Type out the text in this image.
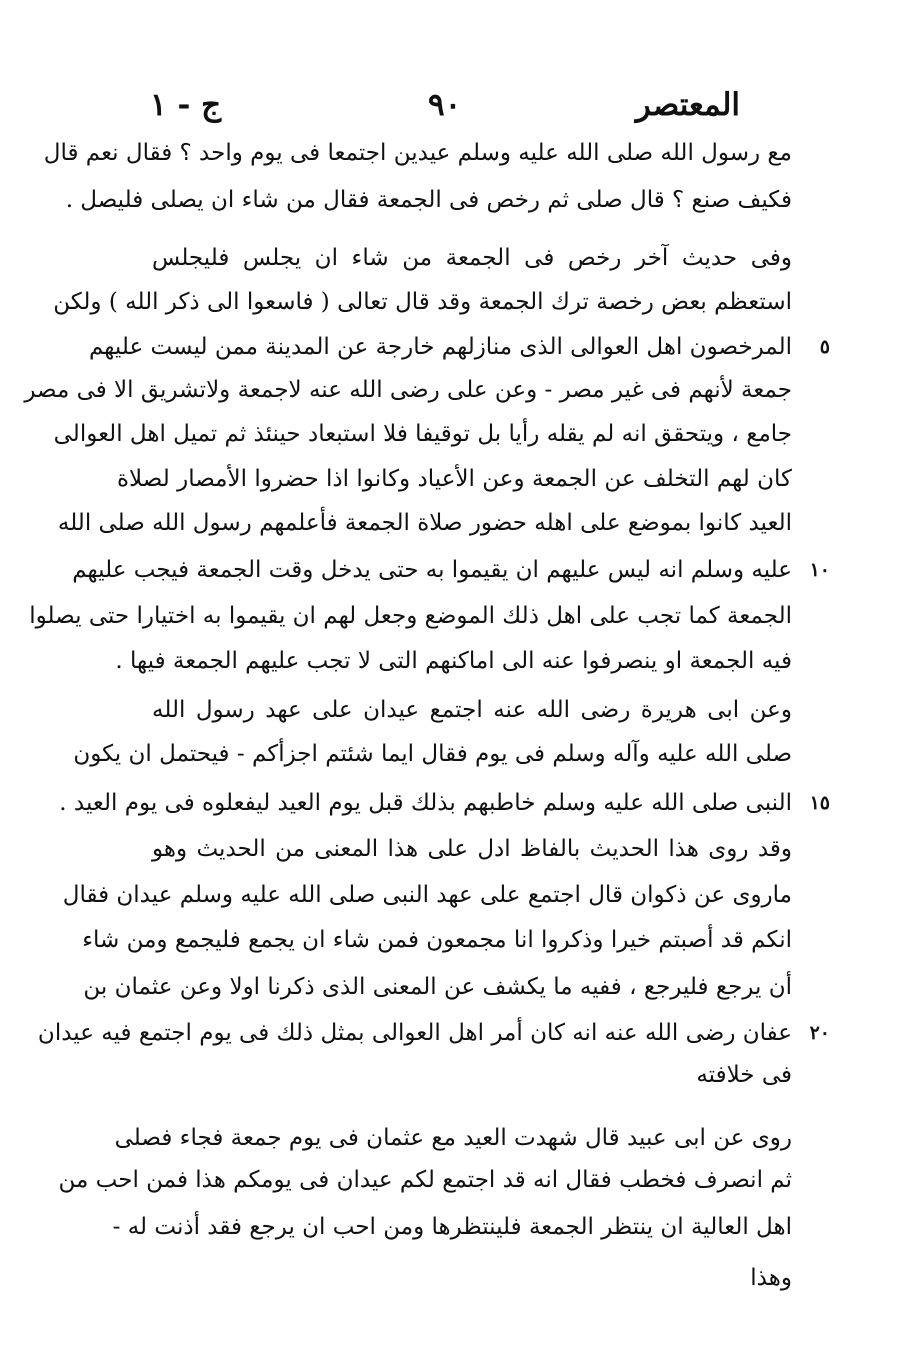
المعتصر
٩٠
ج - ١
مع رسول الله صلى الله عليه وسلم عيدين اجتمعا فى يوم واحد ؟ فقال نعم قال
فكيف صنع ؟ قال صلى ثم رخص فى الجمعة فقال من شاء ان يصلى فليصل .
وفى حديث آخر رخص فى الجمعة من شاء ان يجلس فليجلس
استعظم بعض رخصة ترك الجمعة وقد قال تعالى ( فاسعوا الى ذكر الله ) ولكن
المرخصون اهل العوالى الذى منازلهم خارجة عن المدينة ممن ليست عليهم
جمعة لأنهم فى غير مصر - وعن على رضى الله عنه لاجمعة ولاتشريق الا فى مصر
جامع ، ويتحقق انه لم يقله رأيا بل توقيفا فلا استبعاد حينئذ ثم تميل اهل العوالى
كان لهم التخلف عن الجمعة وعن الأعياد وكانوا اذا حضروا الأمصار لصلاة
العيد كانوا بموضع على اهله حضور صلاة الجمعة فأعلمهم رسول الله صلى الله
عليه وسلم انه ليس عليهم ان يقيموا به حتى يدخل وقت الجمعة فيجب عليهم
الجمعة كما تجب على اهل ذلك الموضع وجعل لهم ان يقيموا به اختيارا حتى يصلوا
فيه الجمعة او ينصرفوا عنه الى اماكنهم التى لا تجب عليهم الجمعة فيها .
وعن ابى هريرة رضى الله عنه اجتمع عيدان على عهد رسول الله
صلى الله عليه وآله وسلم فى يوم فقال ايما شئتم اجزأكم - فيحتمل ان يكون
النبى صلى الله عليه وسلم خاطبهم بذلك قبل يوم العيد ليفعلوه فى يوم العيد .
وقد روى هذا الحديث بالفاظ ادل على هذا المعنى من الحديث وهو
ماروى عن ذكوان قال اجتمع على عهد النبى صلى الله عليه وسلم عيدان فقال
انكم قد أصبتم خيرا وذكروا انا مجمعون فمن شاء ان يجمع فليجمع ومن شاء
أن يرجع فليرجع ، ففيه ما يكشف عن المعنى الذى ذكرنا اولا وعن عثمان بن
عفان رضى الله عنه انه كان أمر اهل العوالى بمثل ذلك فى يوم اجتمع فيه عيدان
فى خلافته
روى عن ابى عبيد قال شهدت العيد مع عثمان فى يوم جمعة فجاء فصلى
ثم انصرف فخطب فقال انه قد اجتمع لكم عيدان فى يومكم هذا فمن احب من
اهل العالية ان ينتظر الجمعة فلينتظرها ومن احب ان يرجع فقد أذنت له -
وهذا
٥
١٠
١٥
٢٠
